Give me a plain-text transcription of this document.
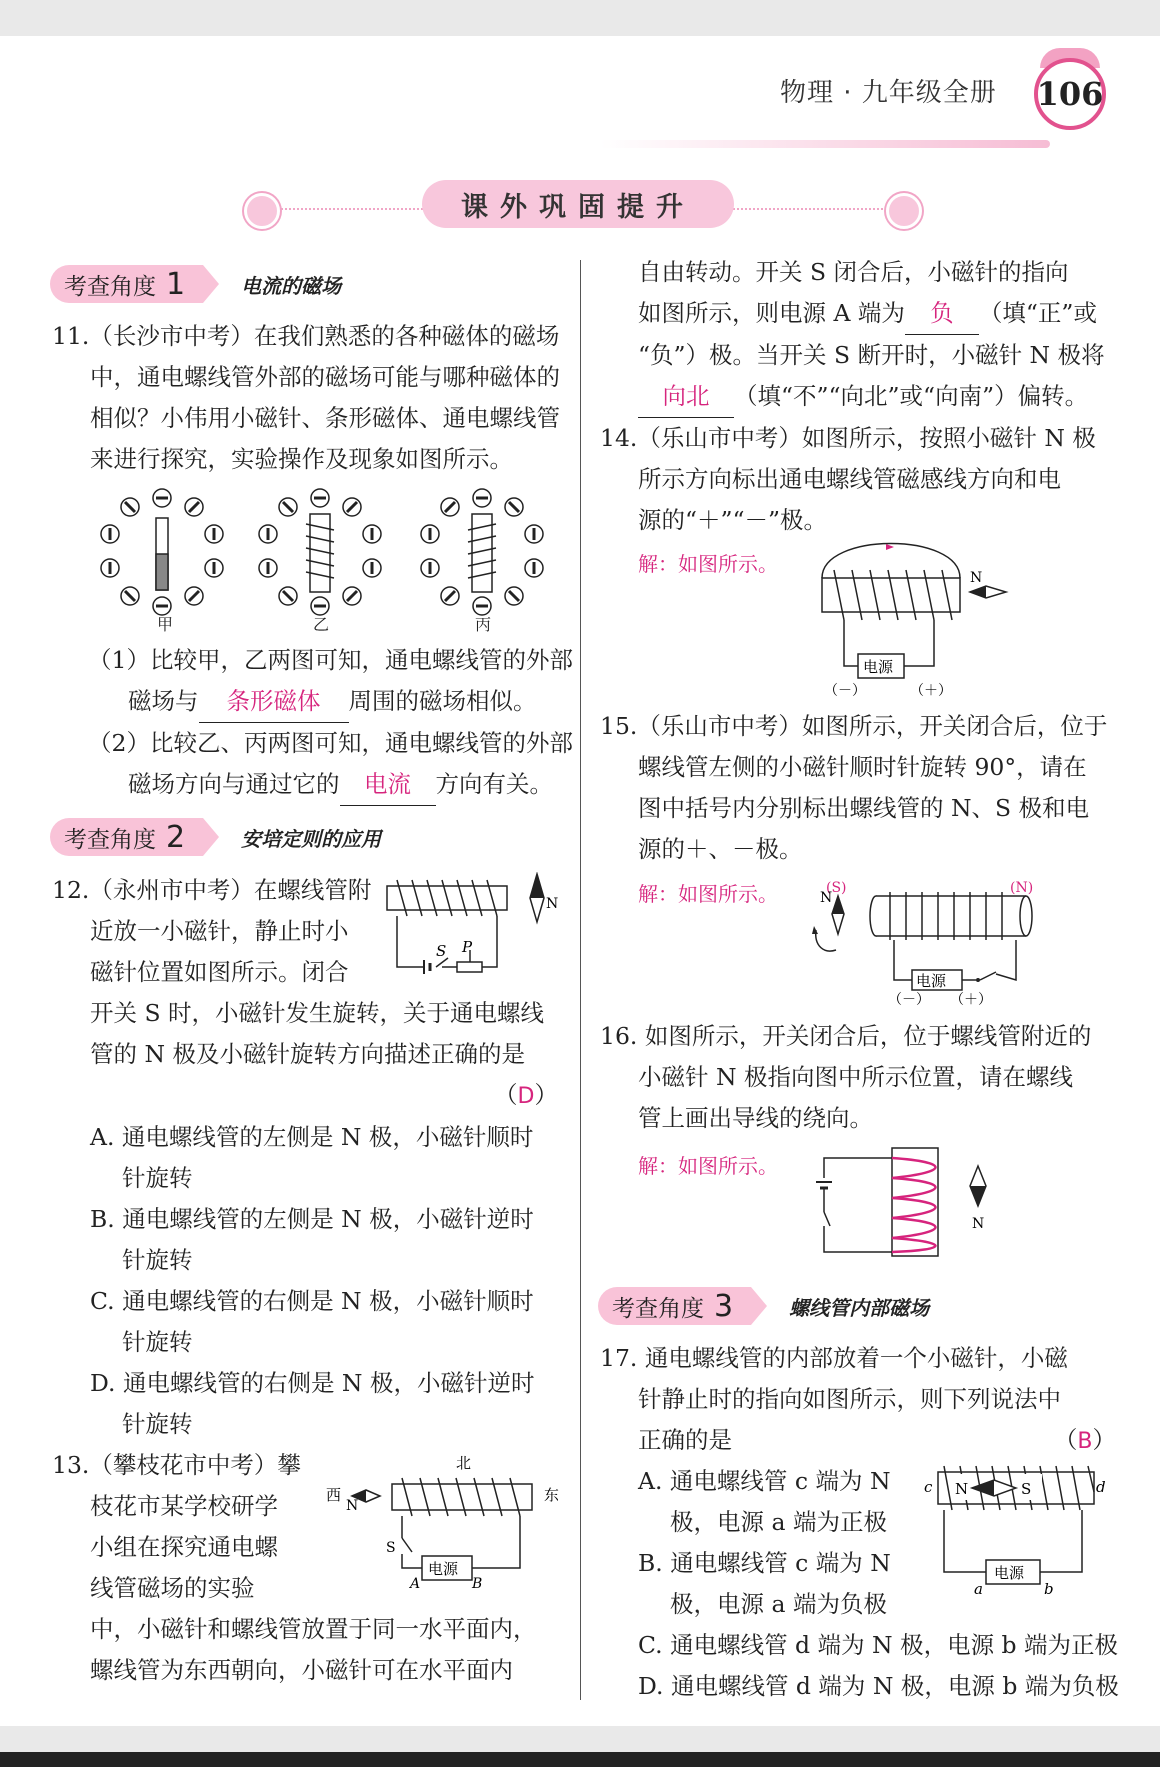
物理 · 九年级全册 106
课外巩固提升
考查角度 1	电流的磁场
11.（长沙市中考）在我们熟悉的各种磁体的磁场
中，通电螺线管外部的磁场可能与哪种磁体的
相似？小伟用小磁针、条形磁体、通电螺线管
来进行探究，实验操作及现象如图所示。
甲	乙	丙
（1）比较甲，乙两图可知，通电螺线管的外部
磁场与 条形磁体 周围的磁场相似。
（2）比较乙、丙两图可知，通电螺线管的外部
磁场方向与通过它的 电流 方向有关。
考查角度 2	安培定则的应用
12.（永州市中考）在螺线管附
近放一小磁针，静止时小
磁针位置如图所示。闭合
开关 S 时，小磁针发生旋转，关于通电螺线
管的 N 极及小磁针旋转方向描述正确的是
（D）
A. 通电螺线管的左侧是 N 极，小磁针顺时
针旋转
B. 通电螺线管的左侧是 N 极，小磁针逆时
针旋转
C. 通电螺线管的右侧是 N 极，小磁针顺时
针旋转
D. 通电螺线管的右侧是 N 极，小磁针逆时
针旋转
S P
N
13.（攀枝花市中考）攀
枝花市某学校研学
小组在探究通电螺
线管磁场的实验
中，小磁针和螺线管放置于同一水平面内，
螺线管为东西朝向，小磁针可在水平面内
北
西	东
N
S
电源
A	B
自由转动。开关 S 闭合后，小磁针的指向
如图所示，则电源 A 端为 负 （填“正”或
“负”）极。当开关 S 断开时，小磁针 N 极将
向北 （填“不”“向北”或“向南”）偏转。
14.（乐山市中考）如图所示，按照小磁针 N 极
所示方向标出通电螺线管磁感线方向和电
源的“＋”“－”极。
解：如图所示。
电源
（－）	（＋）
N
15.（乐山市中考）如图所示，开关闭合后，位于
螺线管左侧的小磁针顺时针旋转 90°，请在
图中括号内分别标出螺线管的 N、S 极和电
源的＋、－极。
解：如图所示。	(S)	(N)
N
电源
（－） （＋）
16. 如图所示，开关闭合后，位于螺线管附近的
小磁针 N 极指向图中所示位置，请在螺线
管上画出导线的绕向。
解：如图所示。
N
考查角度 3	螺线管内部磁场
17. 通电螺线管的内部放着一个小磁针，小磁
针静止时的指向如图所示，则下列说法中
正确的是	（B）
A. 通电螺线管 c 端为 N
极，电源 a 端为正极
B. 通电螺线管 c 端为 N
极，电源 a 端为负极
C. 通电螺线管 d 端为 N 极，电源 b 端为正极
D. 通电螺线管 d 端为 N 极，电源 b 端为负极
c	d
N	S
电源
a	b
